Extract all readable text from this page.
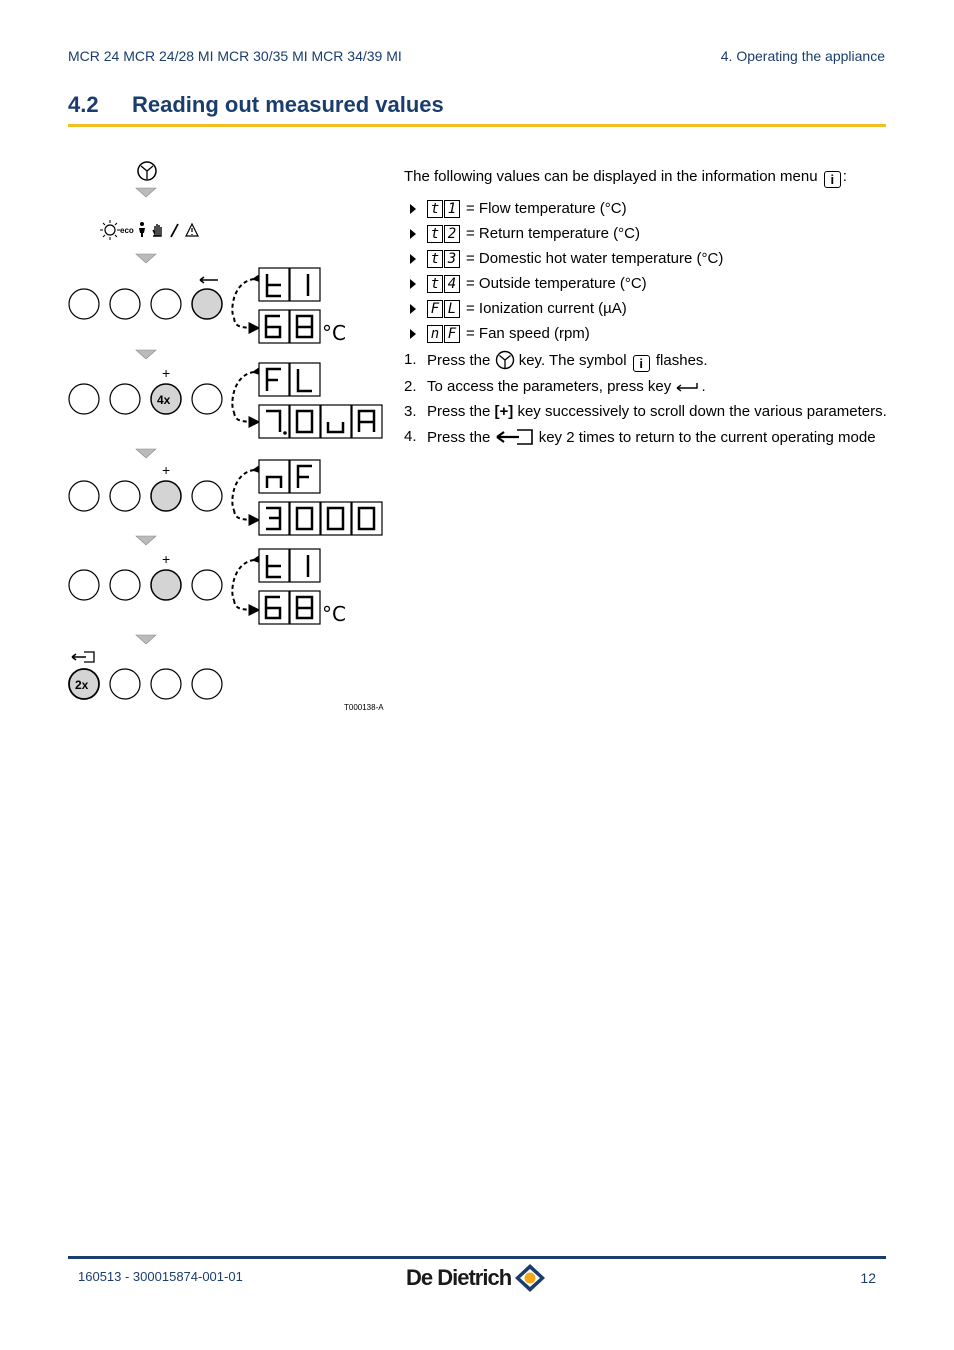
MCR 24 MCR 24/28 MI MCR 30/35 MI MCR 34/39 MI	4. Operating the appliance
4.2 Reading out measured values
eco
°C
+
4x
+
+
°C
2x
T000138-A
The following values can be displayed in the information menu i :
t 1 = Flow temperature (°C)
t 2 = Return temperature (°C)
t 3 = Domestic hot water temperature (°C)
t 4 = Outside temperature (°C)
F L = Ionization current (µA)
n F = Fan speed (rpm)
1. Press the key. The symbol i flashes.
2. To access the parameters, press key .
3. Press the [+] key successively to scroll down the various parameters.
4. Press the	key 2 times to return to the current operating mode
160513 - 300015874-001-01	De Dietrich	12
